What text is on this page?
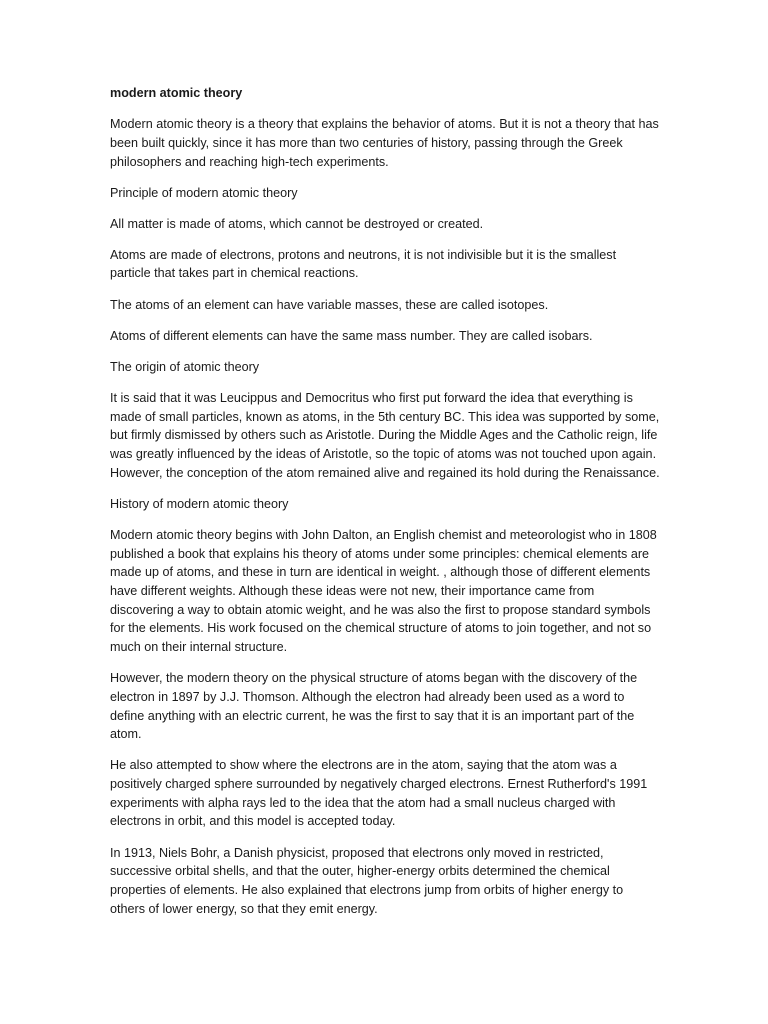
modern atomic theory

Modern atomic theory is a theory that explains the behavior of atoms. But it is not a theory that has been built quickly, since it has more than two centuries of history, passing through the Greek philosophers and reaching high-tech experiments.

Principle of modern atomic theory

All matter is made of atoms, which cannot be destroyed or created.

Atoms are made of electrons, protons and neutrons, it is not indivisible but it is the smallest particle that takes part in chemical reactions.

The atoms of an element can have variable masses, these are called isotopes.

Atoms of different elements can have the same mass number. They are called isobars.

The origin of atomic theory

It is said that it was Leucippus and Democritus who first put forward the idea that everything is made of small particles, known as atoms, in the 5th century BC. This idea was supported by some, but firmly dismissed by others such as Aristotle. During the Middle Ages and the Catholic reign, life was greatly influenced by the ideas of Aristotle, so the topic of atoms was not touched upon again. However, the conception of the atom remained alive and regained its hold during the Renaissance.

History of modern atomic theory

Modern atomic theory begins with John Dalton, an English chemist and meteorologist who in 1808 published a book that explains his theory of atoms under some principles: chemical elements are made up of atoms, and these in turn are identical in weight. , although those of different elements have different weights. Although these ideas were not new, their importance came from discovering a way to obtain atomic weight, and he was also the first to propose standard symbols for the elements. His work focused on the chemical structure of atoms to join together, and not so much on their internal structure.

However, the modern theory on the physical structure of atoms began with the discovery of the electron in 1897 by J.J. Thomson. Although the electron had already been used as a word to define anything with an electric current, he was the first to say that it is an important part of the atom.

He also attempted to show where the electrons are in the atom, saying that the atom was a positively charged sphere surrounded by negatively charged electrons. Ernest Rutherford's 1991 experiments with alpha rays led to the idea that the atom had a small nucleus charged with electrons in orbit, and this model is accepted today.

In 1913, Niels Bohr, a Danish physicist, proposed that electrons only moved in restricted, successive orbital shells, and that the outer, higher-energy orbits determined the chemical properties of elements. He also explained that electrons jump from orbits of higher energy to others of lower energy, so that they emit energy.
